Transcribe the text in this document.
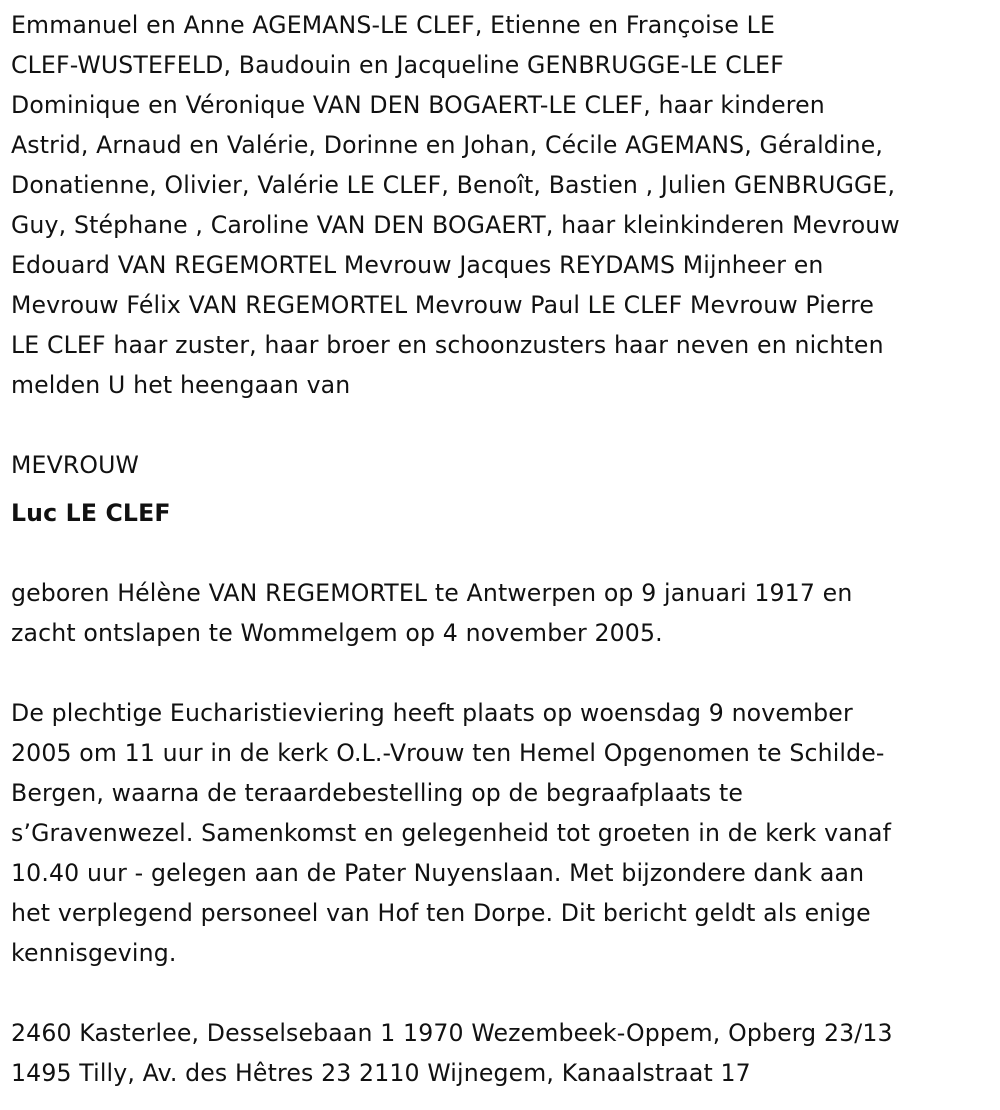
Emmanuel en Anne AGEMANS-LE CLEF, Etienne en Françoise LE
CLEF-WUSTEFELD, Baudouin en Jacqueline GENBRUGGE-LE CLEF
Dominique en Véronique VAN DEN BOGAERT-LE CLEF, haar kinderen
Astrid, Arnaud en Valérie, Dorinne en Johan, Cécile AGEMANS, Géraldine,
Donatienne, Olivier, Valérie LE CLEF, Benoît, Bastien , Julien GENBRUGGE,
Guy, Stéphane , Caroline VAN DEN BOGAERT, haar kleinkinderen Mevrouw
Edouard VAN REGEMORTEL Mevrouw Jacques REYDAMS Mijnheer en
Mevrouw Félix VAN REGEMORTEL Mevrouw Paul LE CLEF Mevrouw Pierre
LE CLEF haar zuster, haar broer en schoonzusters haar neven en nichten
melden U het heengaan van

MEVROUW

Luc LE CLEF

geboren Hélène VAN REGEMORTEL te Antwerpen op 9 januari 1917 en
zacht ontslapen te Wommelgem op 4 november 2005.

De plechtige Eucharistieviering heeft plaats op woensdag 9 november
2005 om 11 uur in de kerk O.L.-Vrouw ten Hemel Opgenomen te Schilde-
Bergen, waarna de teraardebestelling op de begraafplaats te
s’Gravenwezel. Samenkomst en gelegenheid tot groeten in de kerk vanaf
10.40 uur - gelegen aan de Pater Nuyenslaan. Met bijzondere dank aan
het verplegend personeel van Hof ten Dorpe. Dit bericht geldt als enige
kennisgeving.

2460 Kasterlee, Desselsebaan 1 1970 Wezembeek-Oppem, Opberg 23/13
1495 Tilly, Av. des Hêtres 23 2110 Wijnegem, Kanaalstraat 17
